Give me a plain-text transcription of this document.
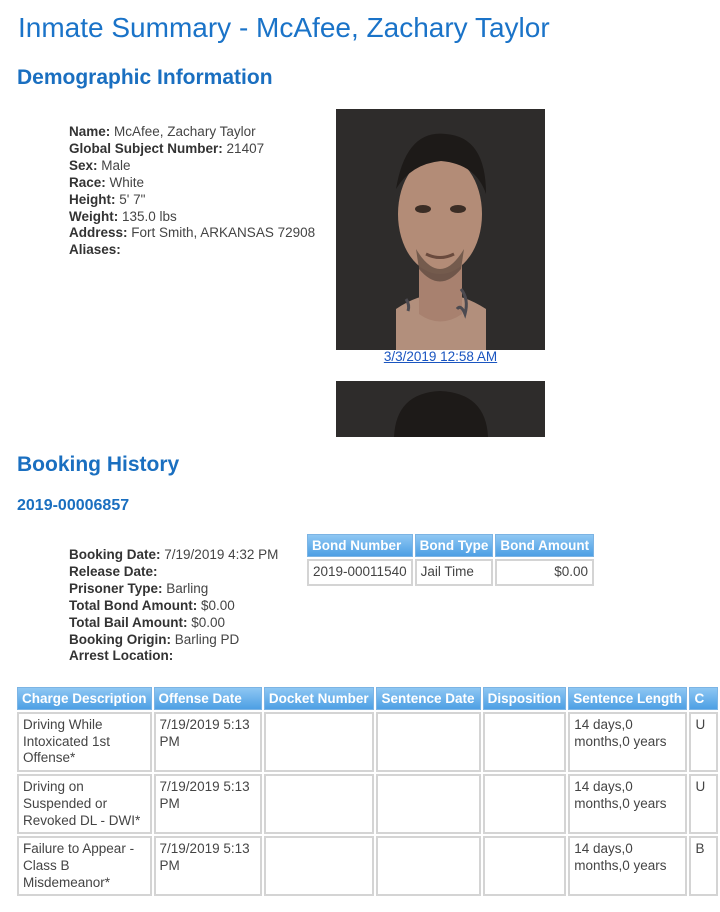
Inmate Summary - McAfee, Zachary Taylor
Demographic Information
Name: McAfee, Zachary Taylor
Global Subject Number: 21407
Sex: Male
Race: White
Height: 5' 7"
Weight: 135.0 lbs
Address: Fort Smith, ARKANSAS 72908
Aliases:
3/3/2019 12:58 AM
Booking History
2019-00006857
Booking Date: 7/19/2019 4:32 PM
Release Date:
Prisoner Type: Barling
Total Bond Amount: $0.00
Total Bail Amount: $0.00
Booking Origin: Barling PD
Arrest Location:
Bond Number	Bond Type	Bond Amount
2019-00011540	Jail Time	$0.00
Charge Description	Offense Date	Docket Number	Sentence Date	Disposition	Sentence Length	C
Driving While Intoxicated 1st Offense*	7/19/2019 5:13 PM				14 days,0 months,0 years	U
Driving on Suspended or Revoked DL - DWI*	7/19/2019 5:13 PM				14 days,0 months,0 years	U
Failure to Appear - Class B Misdemeanor*	7/19/2019 5:13 PM				14 days,0 months,0 years	B
